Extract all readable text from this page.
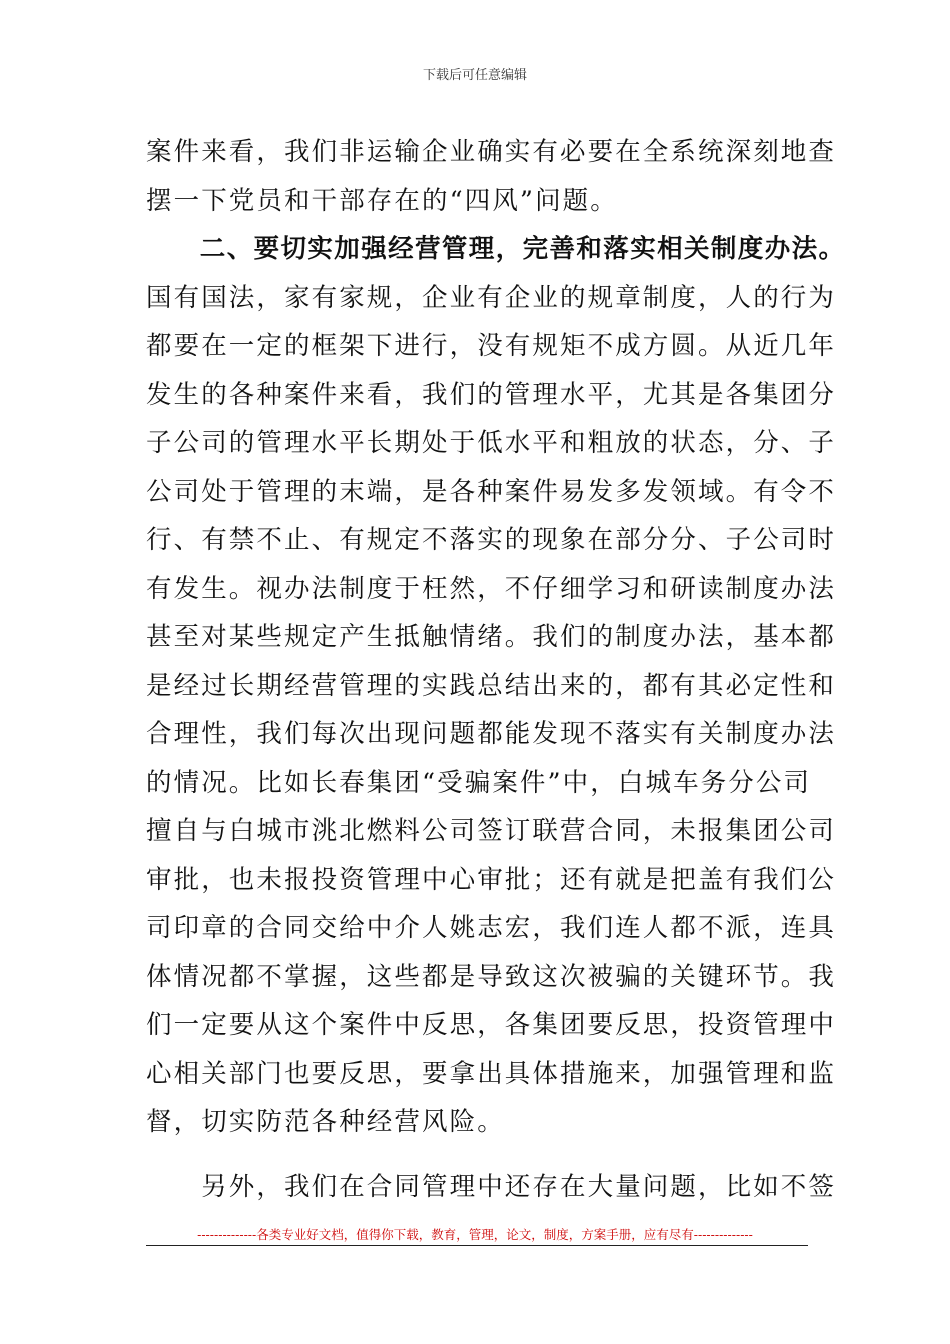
下载后可任意编辑
案件来看，我们非运输企业确实有必要在全系统深刻地查
摆一下党员和干部存在的“四风”问题。
　　二、要切实加强经营管理，完善和落实相关制度办法。
国有国法，家有家规，企业有企业的规章制度，人的行为
都要在一定的框架下进行，没有规矩不成方圆。从近几年
发生的各种案件来看，我们的管理水平，尤其是各集团分
子公司的管理水平长期处于低水平和粗放的状态，分、子
公司处于管理的末端，是各种案件易发多发领域。有令不
行、有禁不止、有规定不落实的现象在部分分、子公司时
有发生。视办法制度于枉然，不仔细学习和研读制度办法
甚至对某些规定产生抵触情绪。我们的制度办法，基本都
是经过长期经营管理的实践总结出来的，都有其必定性和
合理性，我们每次出现问题都能发现不落实有关制度办法
的情况。比如长春集团“受骗案件”中，白城车务分公司
擅自与白城市洮北燃料公司签订联营合同，未报集团公司
审批，也未报投资管理中心审批；还有就是把盖有我们公
司印章的合同交给中介人姚志宏，我们连人都不派，连具
体情况都不掌握，这些都是导致这次被骗的关键环节。我
们一定要从这个案件中反思，各集团要反思，投资管理中
心相关部门也要反思，要拿出具体措施来，加强管理和监
督，切实防范各种经营风险。
　　另外，我们在合同管理中还存在大量问题，比如不签
--------------各类专业好文档，值得你下载，教育，管理，论文，制度，方案手册，应有尽有--------------
